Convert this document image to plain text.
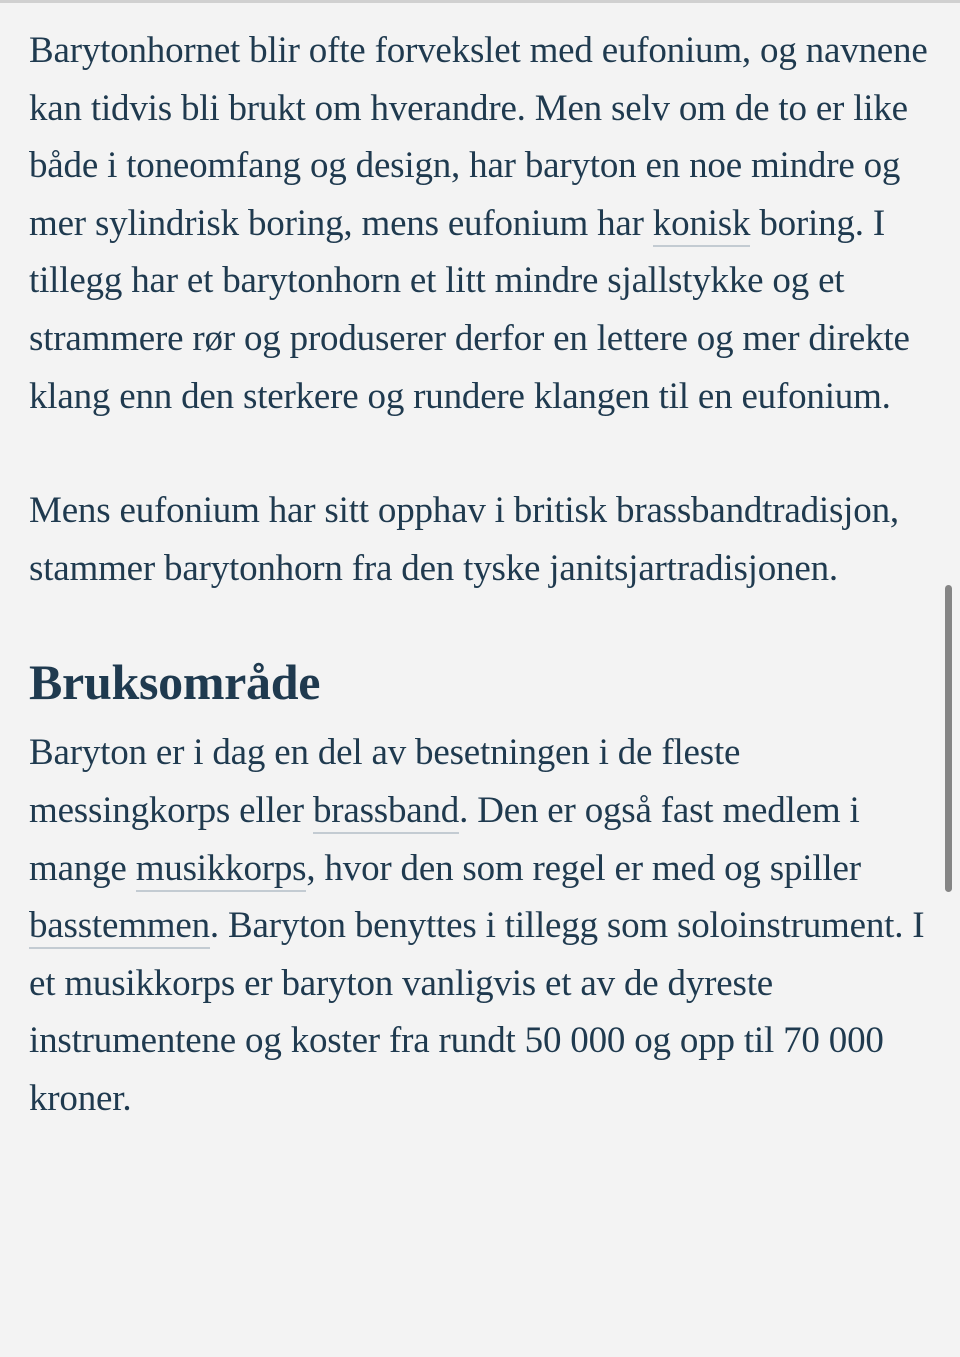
Barytonhornet blir ofte forvekslet med eufonium, og navnene kan tidvis bli brukt om hverandre. Men selv om de to er like både i toneomfang og design, har baryton en noe mindre og mer sylindrisk boring, mens eufonium har konisk boring. I tillegg har et barytonhorn et litt mindre sjallstykke og et strammere rør og produserer derfor en lettere og mer direkte klang enn den sterkere og rundere klangen til en eufonium.

Mens eufonium har sitt opphav i britisk brassbandtradisjon, stammer barytonhorn fra den tyske janitsjartradisjonen.

Bruksområde

Baryton er i dag en del av besetningen i de fleste messingkorps eller brassband. Den er også fast medlem i mange musikkorps, hvor den som regel er med og spiller basstemmen. Baryton benyttes i tillegg som soloinstrument. I et musikkorps er baryton vanligvis et av de dyreste instrumentene og koster fra rundt 50 000 og opp til 70 000 kroner.
